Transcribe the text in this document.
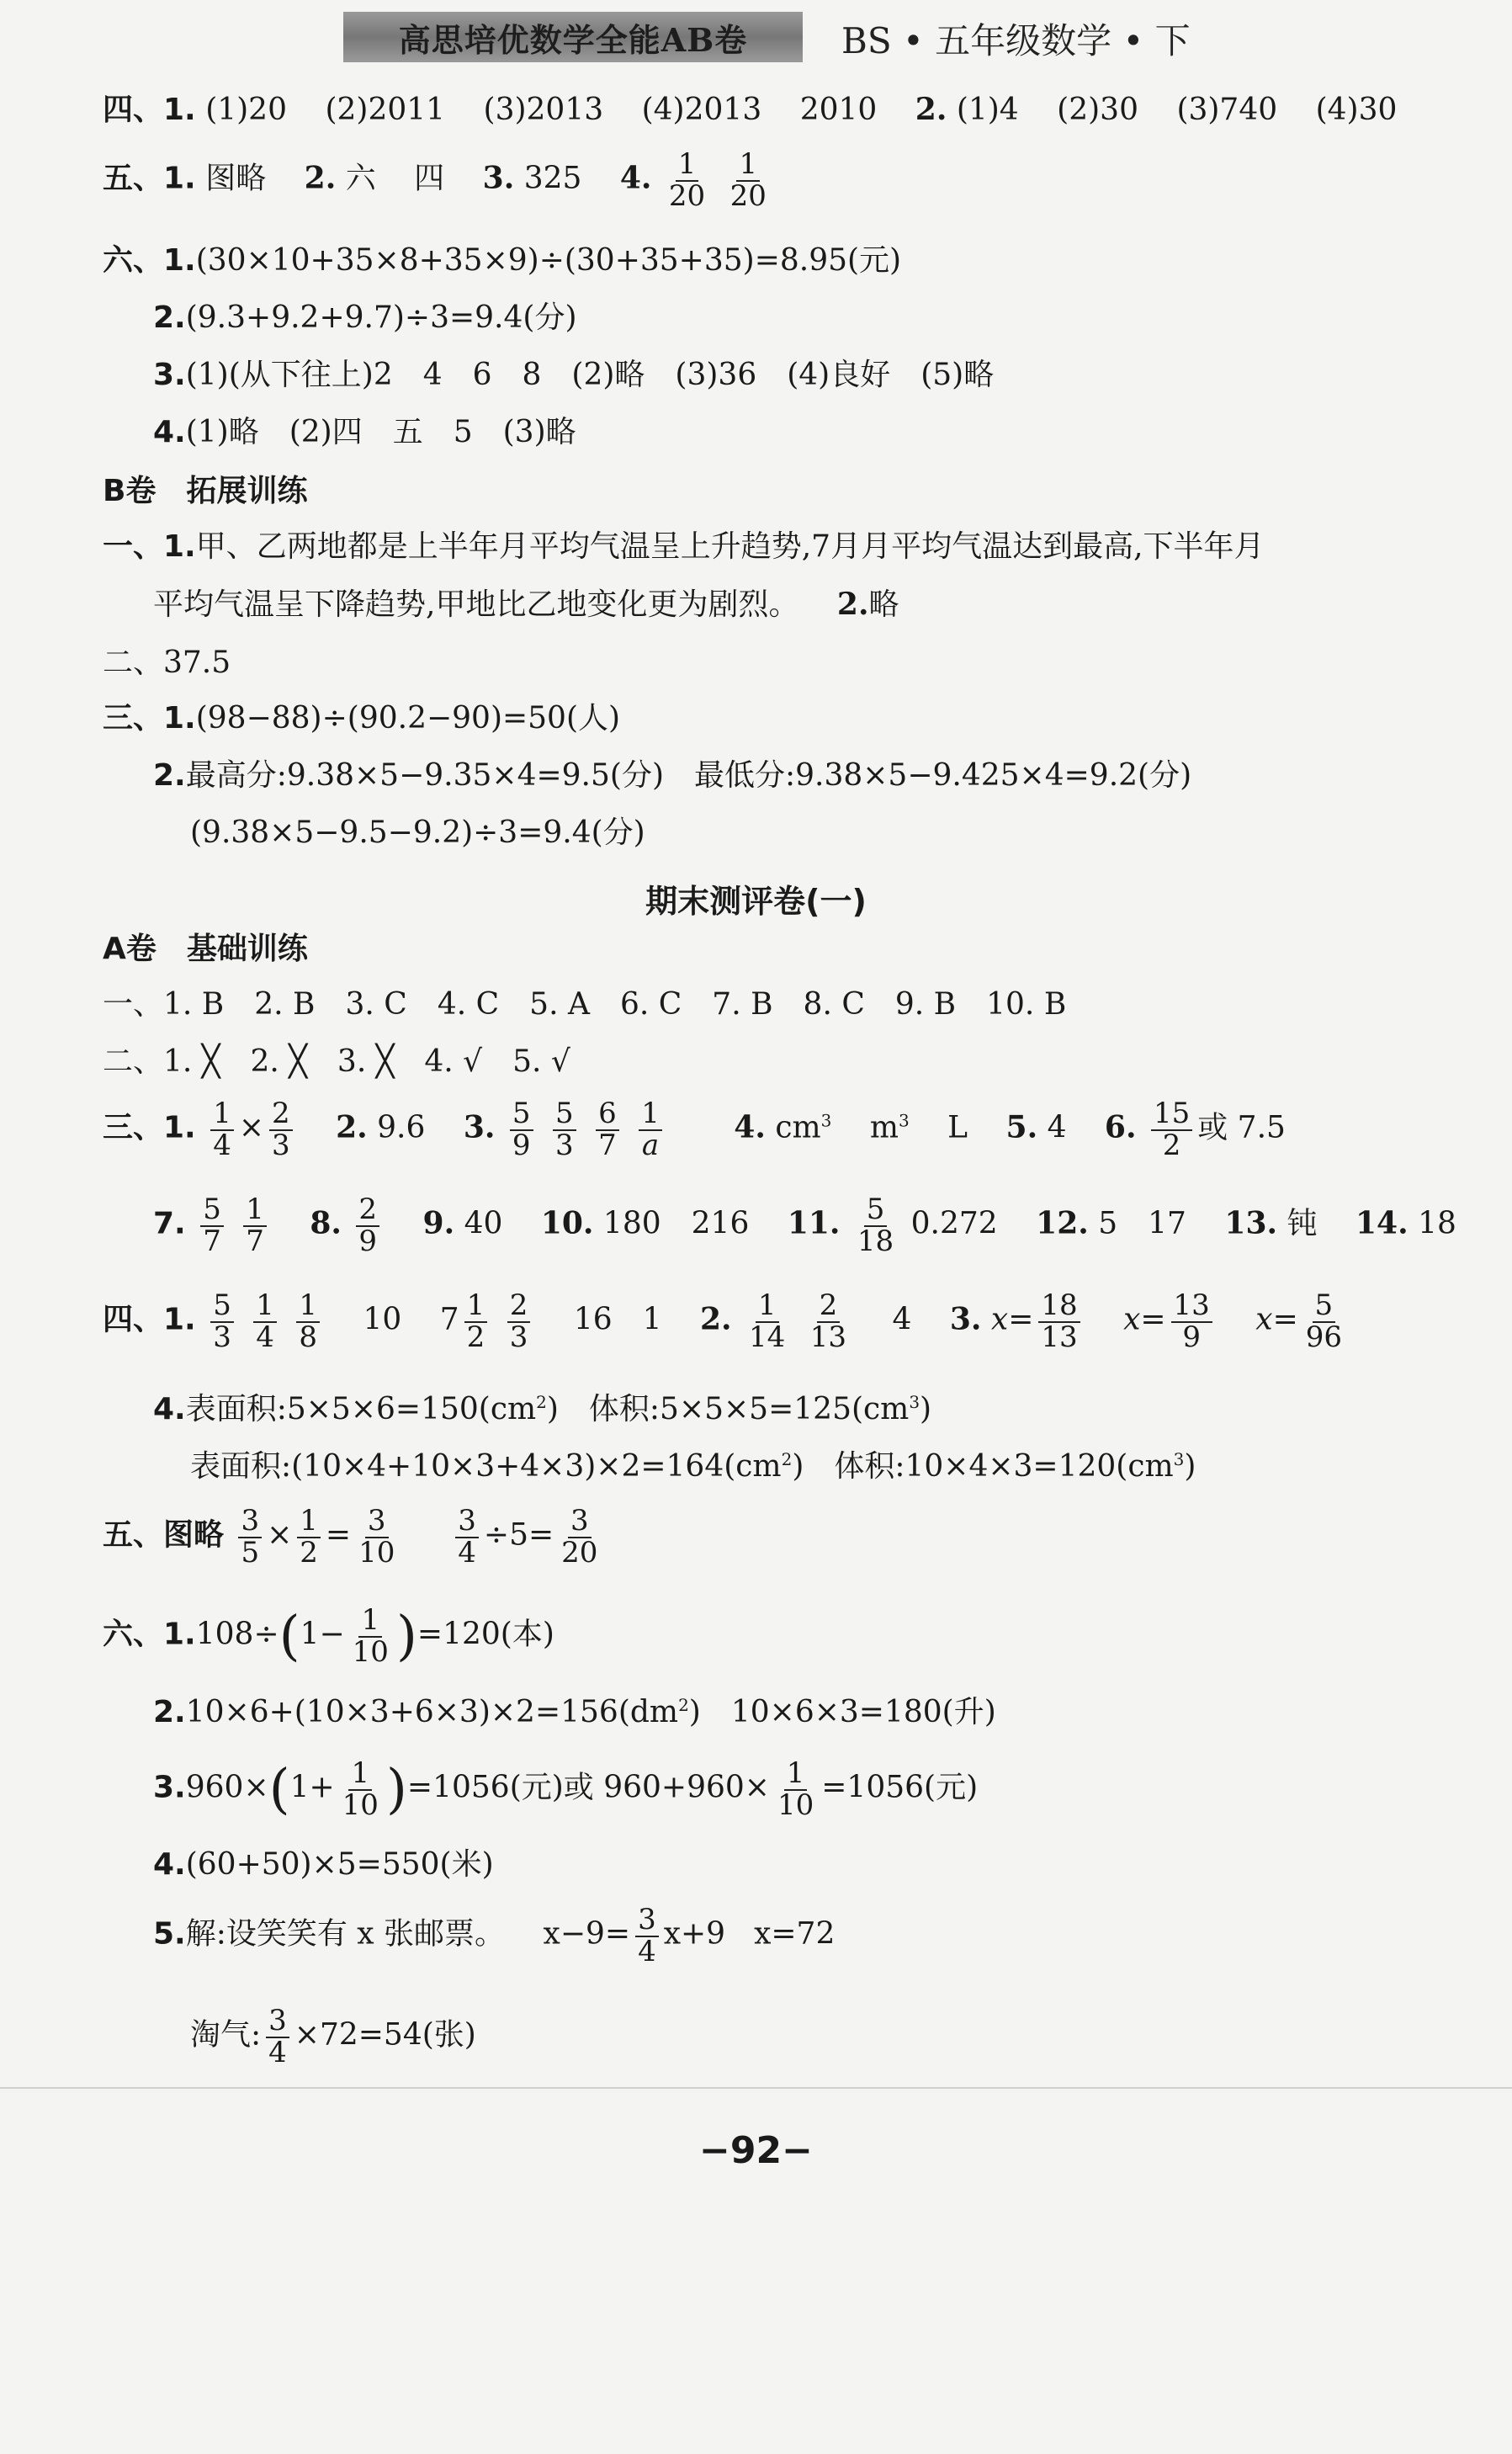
高思培优数学全能AB卷	BS • 五年级数学 • 下
四、1. (1)20 (2)2011 (3)2013 (4)2013 2010 2. (1)4 (2)30 (3)740 (4)30
五、1. 图略 2. 六 四 3. 325 4. $\frac{1}{20}$
$\frac{1}{20}$
六、1.(30×10+35×8+35×9)÷(30+35+35)=8.95(元)
2.(9.3+9.2+9.7)÷3=9.4(分)
3.(1)(从下往上)2　4　6　8　(2)略　(3)36　(4)良好　(5)略
4.(1)略　(2)四　五　5　(3)略
B卷　拓展训练
一、1.甲、乙两地都是上半年月平均气温呈上升趋势,7月月平均气温达到最高,下半年月
平均气温呈下降趋势,甲地比乙地变化更为剧烈。 2.略
二、37.5
三、1.(98−88)÷(90.2−90)=50(人)
2.最高分:9.38×5−9.35×4=9.5(分)　最低分:9.38×5−9.425×4=9.2(分)
(9.38×5−9.5−9.2)÷3=9.4(分)
期末测评卷(一)
A卷　基础训练
一、1. B　2. B　3. C　4. C　5. A　6. C　7. B　8. C　9. B　10. B
二、1. ╳　2. ╳　3. ╳　4. √　5. √
三、1. $\frac{1}{4} \times \frac{2}{3} 2$. 9.6 3. $\frac{5}{9}$
$\frac{5}{3}$
$\frac{6}{7}$
$\frac{1}{a} 4$. $cm^3$ $m^3$ L 5. 4 6. $\frac{15}{2}$ 或 7.5
7. $\frac{5}{7}$
$\frac{1}{7} 8$. $\frac{2}{9} 9$. 40 10. 180　216 11. $\frac{5}{18} 0.272$ 12. 5　17 13. 钝 14. 18
四、1. $\frac{5}{3}$
$\frac{1}{4}$
$\frac{1}{8} 10$ $7 \frac{1}{2}$
$\frac{2}{3} 16$　1 2. $\frac{1}{14}$
$\frac{2}{13} 4$ 3. $x= \frac{18}{13} x= \frac{13}{9} x= \frac{5}{96}$
4.表面积$:5\times 5\times 6=150(cm^2)$　体积$:5\times 5\times 5=125(cm^3)$
表面积$:(10\times 4+10\times 3+4\times 3)\times 2=164(cm^2)$　体积$:10\times 4\times 3=120(cm^3)$
五、图略 $\frac{3}{5} \times \frac{1}{2} = \frac{3}{10}$
$\frac{3}{4} \div 5= \frac{3}{20}$
六、$1.108\div(1- \frac{1}{10} )=120$(本)
$2.10\times 6+(10\times 3+6\times 3)\times 2=156(dm^2)$　10×6×3=180(升)
$3.960\times(1+ \frac{1}{10} )=1056$(元)或 $960+960\times \frac{1}{10} =1056$(元)
4.(60+50)×5=550(米)
5.解:设笑笑有 x 张邮票。 $x-9= \frac{3}{4} x+9$ x=72
淘气: $\frac{3}{4} \times 72=54$(张)
−92−
